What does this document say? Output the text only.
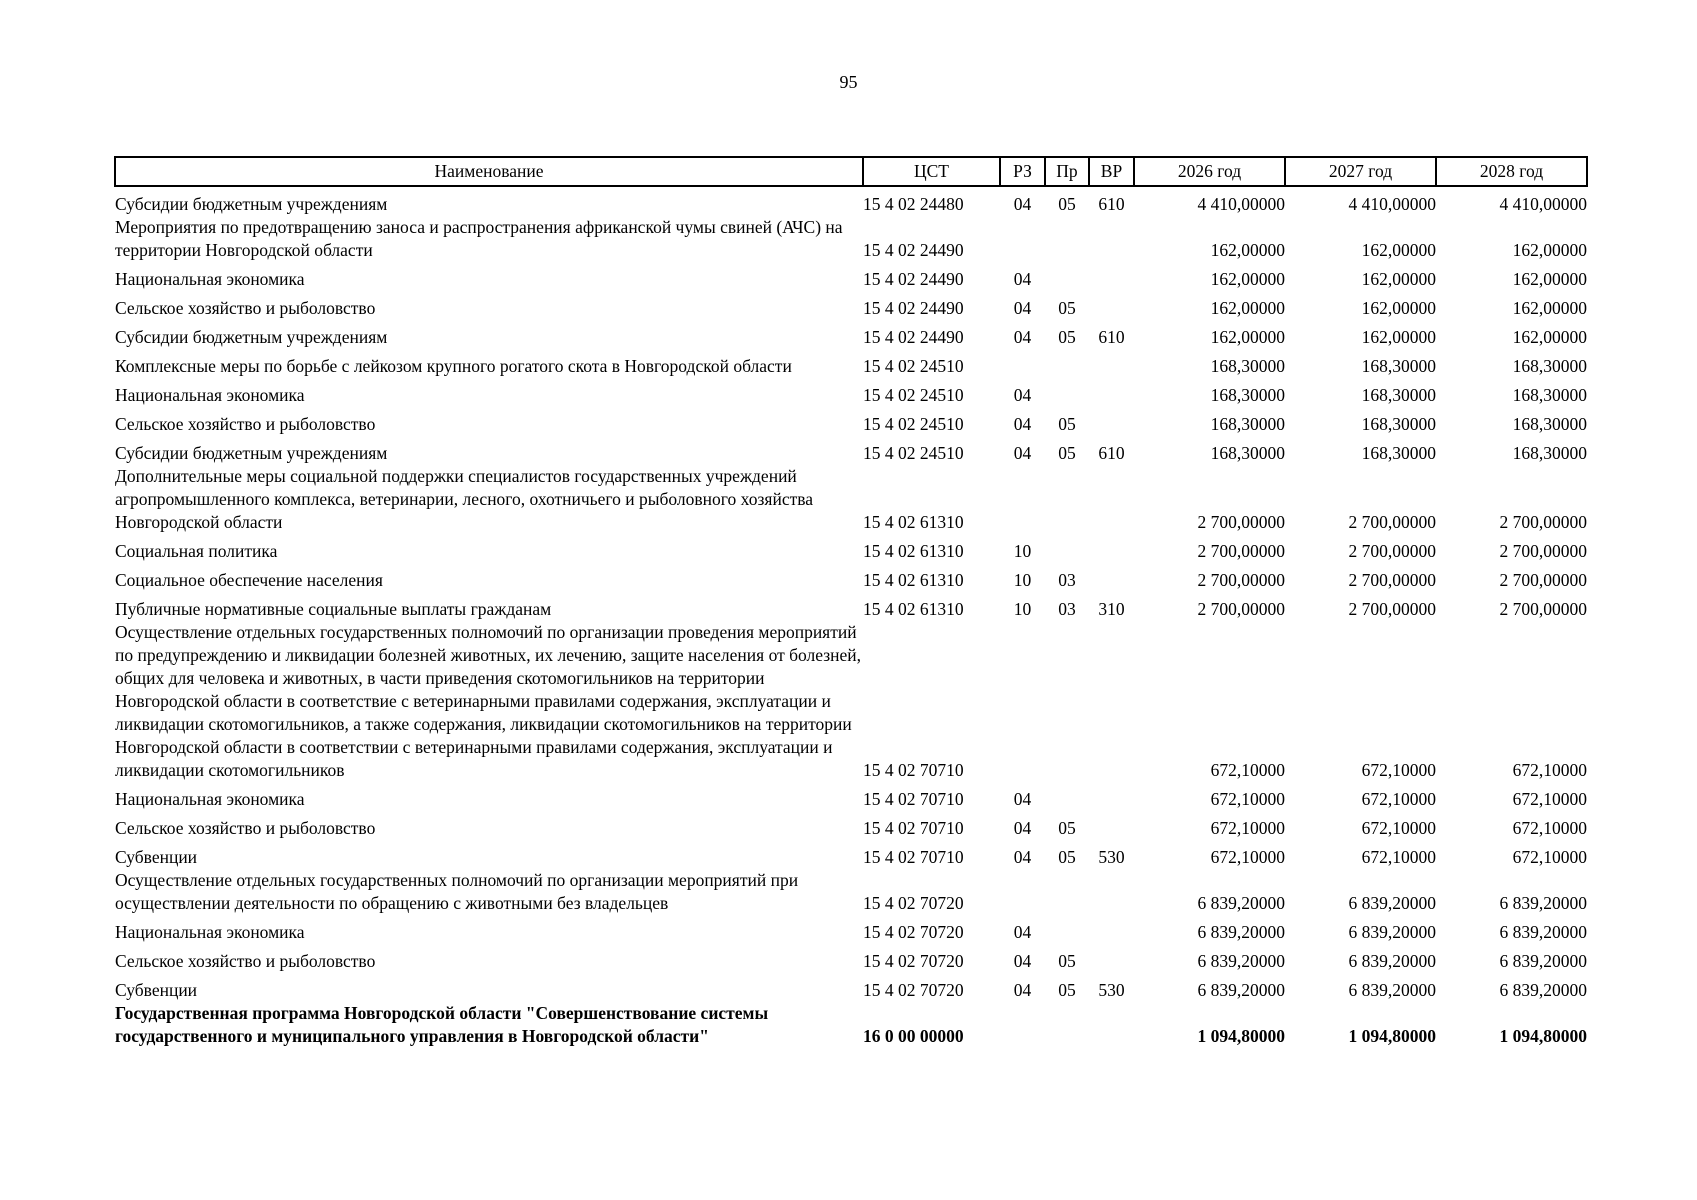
95
Наименование	ЦСТ	РЗ	Пр	ВР	2026 год	2027 год	2028 год
Субсидии бюджетным учреждениям	15 4 02 24480	04	05	610	4 410,00000	4 410,00000	4 410,00000
Мероприятия по предотвращению заноса и распространения африканской чумы свиней (АЧС) на территории Новгородской области	15 4 02 24490				162,00000	162,00000	162,00000
Национальная экономика	15 4 02 24490	04			162,00000	162,00000	162,00000
Сельское хозяйство и рыболовство	15 4 02 24490	04	05		162,00000	162,00000	162,00000
Субсидии бюджетным учреждениям	15 4 02 24490	04	05	610	162,00000	162,00000	162,00000
Комплексные меры по борьбе с лейкозом крупного рогатого скота в Новгородской области	15 4 02 24510				168,30000	168,30000	168,30000
Национальная экономика	15 4 02 24510	04			168,30000	168,30000	168,30000
Сельское хозяйство и рыболовство	15 4 02 24510	04	05		168,30000	168,30000	168,30000
Субсидии бюджетным учреждениям	15 4 02 24510	04	05	610	168,30000	168,30000	168,30000
Дополнительные меры социальной поддержки специалистов государственных учреждений агропромышленного комплекса, ветеринарии, лесного, охотничьего и рыболовного хозяйства Новгородской области	15 4 02 61310				2 700,00000	2 700,00000	2 700,00000
Социальная политика	15 4 02 61310	10			2 700,00000	2 700,00000	2 700,00000
Социальное обеспечение населения	15 4 02 61310	10	03		2 700,00000	2 700,00000	2 700,00000
Публичные нормативные социальные выплаты гражданам	15 4 02 61310	10	03	310	2 700,00000	2 700,00000	2 700,00000
Осуществление отдельных государственных полномочий по организации проведения мероприятий по предупреждению и ликвидации болезней животных, их лечению, защите населения от болезней, общих для человека и животных, в части приведения скотомогильников на территории Новгородской области в соответствие с ветеринарными правилами содержания, эксплуатации и ликвидации скотомогильников, а также содержания, ликвидации скотомогильников на территории Новгородской области в соответствии с ветеринарными правилами содержания, эксплуатации и ликвидации скотомогильников	15 4 02 70710				672,10000	672,10000	672,10000
Национальная экономика	15 4 02 70710	04			672,10000	672,10000	672,10000
Сельское хозяйство и рыболовство	15 4 02 70710	04	05		672,10000	672,10000	672,10000
Субвенции	15 4 02 70710	04	05	530	672,10000	672,10000	672,10000
Осуществление отдельных государственных полномочий по организации мероприятий при осуществлении деятельности по обращению с животными без владельцев	15 4 02 70720				6 839,20000	6 839,20000	6 839,20000
Национальная экономика	15 4 02 70720	04			6 839,20000	6 839,20000	6 839,20000
Сельское хозяйство и рыболовство	15 4 02 70720	04	05		6 839,20000	6 839,20000	6 839,20000
Субвенции	15 4 02 70720	04	05	530	6 839,20000	6 839,20000	6 839,20000
Государственная программа Новгородской области "Совершенствование системы государственного и муниципального управления в Новгородской области"	16 0 00 00000				1 094,80000	1 094,80000	1 094,80000
